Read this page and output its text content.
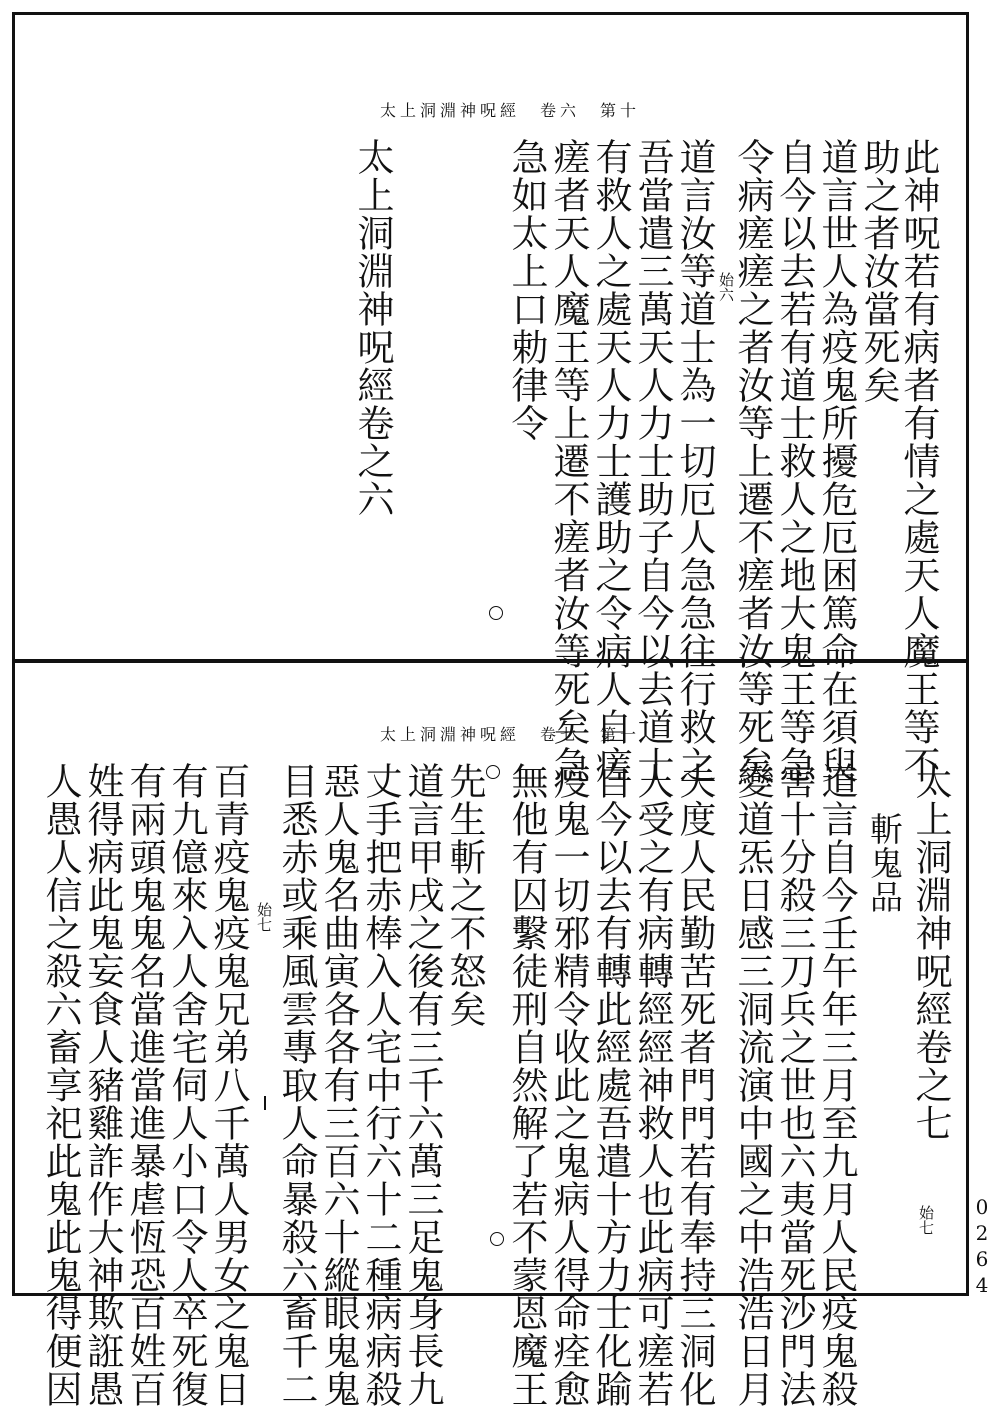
太上洞淵神呪經　卷六　第十
此神呪若有病者有情之處天人魔王等不
助之者汝當死矣
道言世人為疫鬼所擾危厄困篤命在須臾
自今以去若有道士救人之地大鬼王等急
令病瘥瘥之者汝等上遷不瘥者汝等死矣
道言汝等道士為一切厄人急急往行救之
吾當遣三萬天人力士助子自今以去道士
有救人之處天人力士護助之令病人自瘥
瘥者天人魔王等上遷不瘥者汝等死矣急
急如太上口勅律令
太上洞淵神呪經卷之六	始六
太上洞淵神呪經　卷七　第一
始七
太上洞淵神呪經卷之七
斬鬼品
道言自今壬午年三月至九月人民疫鬼殺
害十分殺三刀兵之世也六夷當死沙門法
變道炁日感三洞流演中國之中浩浩日月
夫度人民勤苦死者門門若有奉持三洞化
人受之有病轉經經神救人也此病可瘥若
自今以去有轉此經處吾遣十方力士化踰
疫鬼一切邪精令收此之鬼病人得命痊愈
無他有囚繫徒刑自然解了若不蒙恩魔王
先生斬之不怒矣
道言甲戌之後有三千六萬三足鬼身長九
丈手把赤棒入人宅中行六十二種病病殺
惡人鬼名曲寅各各有三百六十縱眼鬼鬼
目悉赤或乘風雲專取人命暴殺六畜千二
百青疫鬼疫鬼兄弟八千萬人男女之鬼日
有九億來入人舍宅伺人小口令人卒死復
有兩頭鬼鬼名當進當進暴虐恆恐百姓百
姓得病此鬼妄食人豬雞詐作大神欺誑愚
人愚人信之殺六畜享祀此鬼此鬼得便因	始七
0264
